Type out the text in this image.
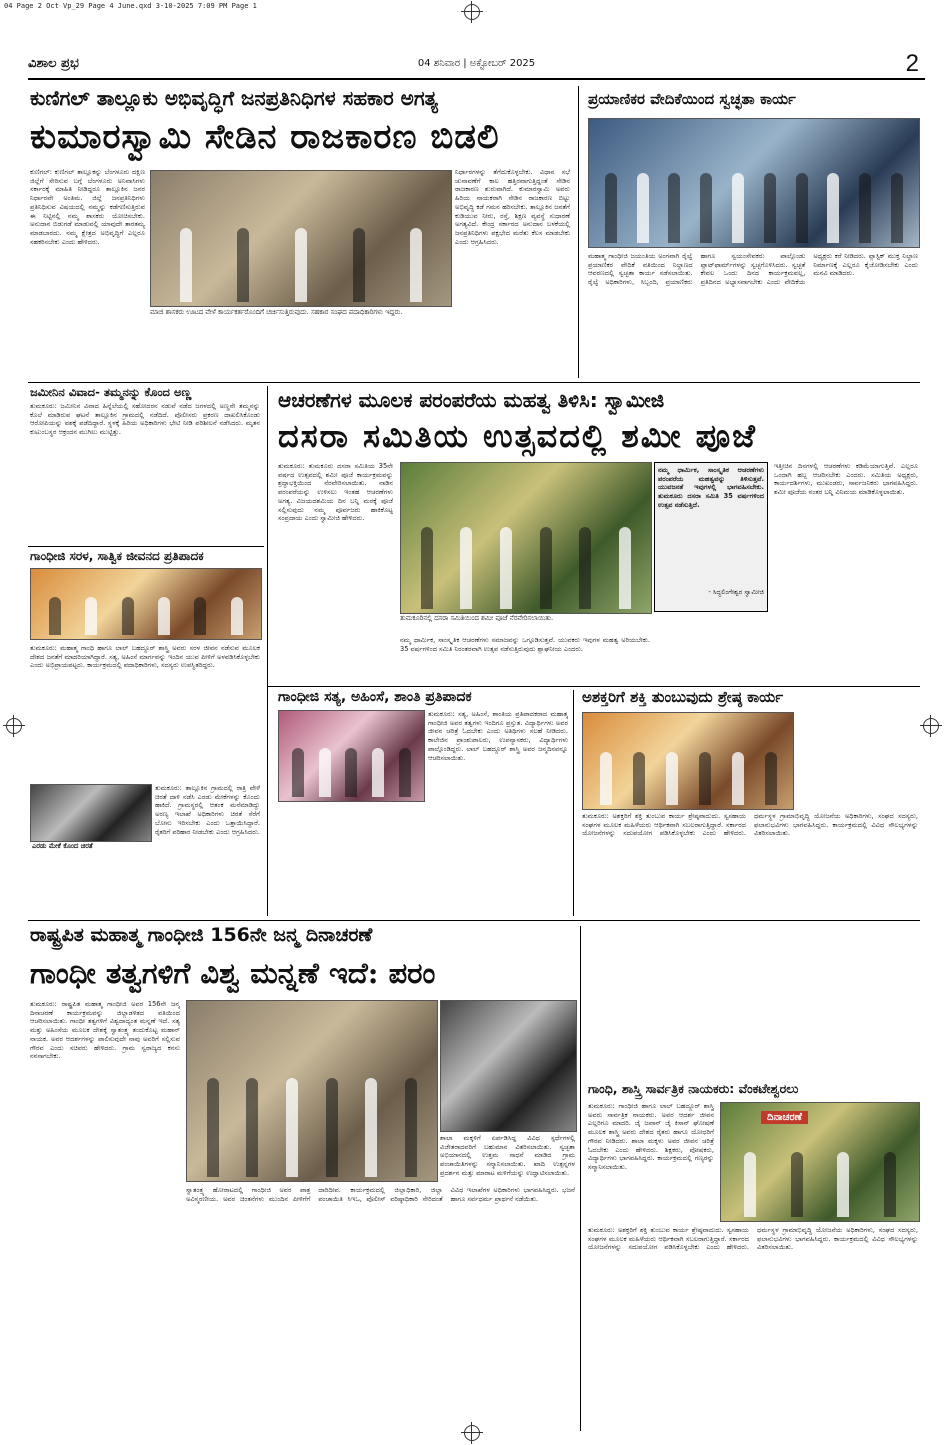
04 Page 2 Oct Vp_29 Page 4 June.qxd 3-10-2025 7:09 PM Page 1
ವಿಶಾಲ ಪ್ರಭ	04 ಶನಿವಾರ | ಅಕ್ಟೋಬರ್ 2025	2
ಕುಣಿಗಲ್ ತಾಲ್ಲೂಕು ಅಭಿವೃದ್ಧಿಗೆ ಜನಪ್ರತಿನಿಧಿಗಳ ಸಹಕಾರ ಅಗತ್ಯ
ಕುಮಾರಸ್ವಾಮಿ ಸೇಡಿನ ರಾಜಕಾರಣ ಬಿಡಲಿ
ಕುಣಿಗಲ್: ಕುಣಿಗಲ್ ತಾಲ್ಲೂಕನ್ನು ಬೆಂಗಳೂರು ದಕ್ಷಿಣ ಜಿಲ್ಲೆಗೆ ಸೇರಿಸುವ ಬಗ್ಗೆ ಬೆಂಗಳೂರು ಅನಿವಾಸಿಗಳು ಸರ್ಕಾರಕ್ಕೆ ಮಾಹಿತಿ ನೀಡಿದ್ದರೂ ತಾಲ್ಲೂಕಿನ ಜನರ ನಿರ್ಧಾರವೇ ಅಂತಿಮ. ಜಿಲ್ಲೆ ಜನಪ್ರತಿನಿಧಿಗಳು ಪ್ರತಿನಿಧಿಸುವ ವಿಷಯದಲ್ಲಿ ನಮ್ಮನ್ನು ಕಡೆಗಣಿಸುತ್ತಿರುವ ಈ ನಿಟ್ಟಿನಲ್ಲಿ ನಮ್ಮ ಶಾಸಕರು ಯೋಚಿಸಬೇಕು. ಅನುದಾನ ಬಿಡುಗಡೆ ಮಾಡುವಲ್ಲಿ ಯಾವುದೇ ತಾರತಮ್ಯ ಮಾಡಬಾರದು. ನಮ್ಮ ಕ್ಷೇತ್ರದ ಅಭಿವೃದ್ಧಿಗೆ ಎಲ್ಲರೂ ಸಹಕರಿಸಬೇಕು ಎಂದು ಹೇಳಿದರು.
ನಿರ್ಧಾರಗಳನ್ನು ತೆಗೆದುಕೊಳ್ಳಬೇಕು. ವಿಧಾನ ಸಭೆ ಚುನಾವಣೆಗೆ ಕಾಲ ಹತ್ತಿರವಾಗುತ್ತಿದ್ದಂತೆ ಸೇಡಿನ ರಾಜಕಾರಣ ಶುರುವಾಗಿದೆ. ಕುಮಾರಸ್ವಾಮಿ ಅವರು ಹಿರಿಯ ನಾಯಕರಾಗಿ ಸೇಡಿನ ರಾಜಕಾರಣ ಬಿಟ್ಟು ಅಭಿವೃದ್ಧಿ ಕಡೆ ಗಮನ ಹರಿಸಬೇಕು. ತಾಲ್ಲೂಕಿನ ಜನತೆಗೆ ಕುಡಿಯುವ ನೀರು, ರಸ್ತೆ, ಶಿಕ್ಷಣ ವ್ಯವಸ್ಥೆ ಸುಧಾರಣೆ ಅಗತ್ಯವಿದೆ. ಕೇಂದ್ರ ಸರ್ಕಾರದ ಅನುದಾನ ಬಳಕೆಯಲ್ಲಿ ಜನಪ್ರತಿನಿಧಿಗಳು ಪಕ್ಷಭೇದ ಮರೆತು ಕೆಲಸ ಮಾಡಬೇಕು ಎಂದು ಆಗ್ರಹಿಸಿದರು.
ಮಾಜಿ ಶಾಸಕರು ಊಟದ ವೇಳೆ ಕಾರ್ಯಕರ್ತರೊಂದಿಗೆ ಚರ್ಚಿಸುತ್ತಿರುವುದು. ಸಹಕಾರ ಸಂಘದ ಪದಾಧಿಕಾರಿಗಳು ಇದ್ದರು.
ಪ್ರಯಾಣಿಕರ ವೇದಿಕೆಯಿಂದ ಸ್ವಚ್ಛತಾ ಕಾರ್ಯ
ಮಹಾತ್ಮ ಗಾಂಧೀಜಿ ಜಯಂತಿಯ ಅಂಗವಾಗಿ ರೈಲ್ವೆ ಪ್ರಯಾಣಿಕರ ವೇದಿಕೆ ವತಿಯಿಂದ ನಿಲ್ದಾಣದ ಆವರಣದಲ್ಲಿ ಸ್ವಚ್ಛತಾ ಕಾರ್ಯ ನಡೆಸಲಾಯಿತು. ರೈಲ್ವೆ ಅಧಿಕಾರಿಗಳು, ಸಿಬ್ಬಂದಿ, ಪ್ರಯಾಣಿಕರು ಹಾಗೂ ಸ್ವಯಂಸೇವಕರು ಪಾಲ್ಗೊಂಡು ಪ್ಲಾಟ್‌ಫಾರ್ಮ್‌ಗಳನ್ನು ಸ್ವಚ್ಛಗೊಳಿಸಿದರು. ಸ್ವಚ್ಛತೆ ಕೇವಲ ಒಂದು ದಿನದ ಕಾರ್ಯಕ್ರಮವಲ್ಲ, ಪ್ರತಿದಿನದ ಅಭ್ಯಾಸವಾಗಬೇಕು ಎಂದು ವೇದಿಕೆಯ ಅಧ್ಯಕ್ಷರು ಕರೆ ನೀಡಿದರು. ಪ್ಲಾಸ್ಟಿಕ್ ಮುಕ್ತ ನಿಲ್ದಾಣ ನಿರ್ಮಾಣಕ್ಕೆ ಎಲ್ಲರೂ ಕೈಜೋಡಿಸಬೇಕು ಎಂದು ಮನವಿ ಮಾಡಿದರು.
ಜಮೀನಿನ ವಿವಾದ- ತಮ್ಮನನ್ನು ಕೊಂದ ಅಣ್ಣ
ತುಮಕೂರು: ಜಮೀನಿನ ವಿವಾದ ಹಿನ್ನೆಲೆಯಲ್ಲಿ ಸಹೋದರನ ನಡುವೆ ನಡೆದ ಜಗಳದಲ್ಲಿ ಅಣ್ಣನೇ ತಮ್ಮನನ್ನು ಕೊಲೆ ಮಾಡಿರುವ ಘಟನೆ ತಾಲ್ಲೂಕಿನ ಗ್ರಾಮದಲ್ಲಿ ನಡೆದಿದೆ. ಪೊಲೀಸರು ಪ್ರಕರಣ ದಾಖಲಿಸಿಕೊಂಡು ಆರೋಪಿಯನ್ನು ವಶಕ್ಕೆ ಪಡೆದಿದ್ದಾರೆ. ಸ್ಥಳಕ್ಕೆ ಹಿರಿಯ ಅಧಿಕಾರಿಗಳು ಭೇಟಿ ನೀಡಿ ಪರಿಶೀಲನೆ ನಡೆಸಿದರು. ಮೃತನ ಕುಟುಂಬಸ್ಥರ ಆಕ್ರಂದನ ಮುಗಿಲು ಮುಟ್ಟಿತ್ತು.
ಗಾಂಧೀಜಿ ಸರಳ, ಸಾತ್ವಿಕ ಜೀವನದ ಪ್ರತಿಪಾದಕ
ತುಮಕೂರು: ಮಹಾತ್ಮ ಗಾಂಧಿ ಹಾಗೂ ಲಾಲ್ ಬಹದ್ದೂರ್ ಶಾಸ್ತ್ರಿ ಅವರು ಸರಳ ಜೀವನ ನಡೆಸುವ ಮೂಲಕ ದೇಶದ ಜನತೆಗೆ ಮಾದರಿಯಾಗಿದ್ದಾರೆ. ಸತ್ಯ, ಅಹಿಂಸೆ ಮಾರ್ಗವನ್ನು ಇಂದಿನ ಯುವ ಪೀಳಿಗೆ ಅಳವಡಿಸಿಕೊಳ್ಳಬೇಕು ಎಂದು ಅಭಿಪ್ರಾಯಪಟ್ಟರು. ಕಾರ್ಯಕ್ರಮದಲ್ಲಿ ಪದಾಧಿಕಾರಿಗಳು, ಸದಸ್ಯರು ಉಪಸ್ಥಿತರಿದ್ದರು.
ಎರಡು ಮೇಕೆ ಕೊಂದ ಚಿರತೆ
ತುಮಕೂರು: ತಾಲ್ಲೂಕಿನ ಗ್ರಾಮದಲ್ಲಿ ರಾತ್ರಿ ವೇಳೆ ಚಿರತೆ ದಾಳಿ ನಡೆಸಿ ಎರಡು ಮೇಕೆಗಳನ್ನು ಕೊಂದು ಹಾಕಿದೆ. ಗ್ರಾಮಸ್ಥರಲ್ಲಿ ಆತಂಕ ಮನೆಮಾಡಿದ್ದು ಅರಣ್ಯ ಇಲಾಖೆ ಅಧಿಕಾರಿಗಳು ಚಿರತೆ ಸೆರೆಗೆ ಬೋನು ಇರಿಸಬೇಕು ಎಂದು ಒತ್ತಾಯಿಸಿದ್ದಾರೆ. ರೈತರಿಗೆ ಪರಿಹಾರ ನೀಡಬೇಕು ಎಂದು ಆಗ್ರಹಿಸಿದರು.
ಆಚರಣೆಗಳ ಮೂಲಕ ಪರಂಪರೆಯ ಮಹತ್ವ ತಿಳಿಸಿ: ಸ್ವಾಮೀಜಿ
ದಸರಾ ಸಮಿತಿಯ ಉತ್ಸವದಲ್ಲಿ ಶಮೀ ಪೂಜೆ
ತುಮಕೂರು: ತುಮಕೂರು ದಸರಾ ಸಮಿತಿಯ 35ನೇ ವರ್ಷದ ಉತ್ಸವದಲ್ಲಿ ಶಮೀ ಪೂಜೆ ಕಾರ್ಯಕ್ರಮವನ್ನು ಶ್ರದ್ಧಾಭಕ್ತಿಯಿಂದ ನೆರವೇರಿಸಲಾಯಿತು. ನಾಡಿನ ಪರಂಪರೆಯನ್ನು ಉಳಿಸಲು ಇಂತಹ ಆಚರಣೆಗಳು ಅಗತ್ಯ. ವಿಜಯದಶಮಿಯ ದಿನ ಬನ್ನಿ ಮರಕ್ಕೆ ಪೂಜೆ ಸಲ್ಲಿಸುವುದು ನಮ್ಮ ಪೂರ್ವಜರು ಹಾಕಿಕೊಟ್ಟ ಸಂಪ್ರದಾಯ ಎಂದು ಸ್ವಾಮೀಜಿ ಹೇಳಿದರು.
ತುಮಕೂರಿನಲ್ಲಿ ದಸರಾ ಸಮಿತಿಯಿಂದ ಶಮೀ ಪೂಜೆ ನೆರವೇರಿಸಲಾಯಿತು.
ನಮ್ಮ ಧಾರ್ಮಿಕ, ಸಾಂಸ್ಕೃತಿಕ ಆಚರಣೆಗಳು ಸಮಾಜವನ್ನು ಒಗ್ಗೂಡಿಸುತ್ತವೆ. ಯುವಕರು ಇವುಗಳ ಮಹತ್ವ ಅರಿಯಬೇಕು. 35 ವರ್ಷಗಳಿಂದ ಸಮಿತಿ ನಿರಂತರವಾಗಿ ಉತ್ಸವ ನಡೆಸುತ್ತಿರುವುದು ಶ್ಲಾಘನೀಯ ಎಂದರು.
ನಮ್ಮ ಧಾರ್ಮಿಕ, ಸಾಂಸ್ಕೃತಿಕ ಆಚರಣೆಗಳು ಪರಂಪರೆಯ ಮಹತ್ವವನ್ನು ತಿಳಿಸುತ್ತವೆ. ಯುವಜನತೆ ಇವುಗಳಲ್ಲಿ ಭಾಗವಹಿಸಬೇಕು. ತುಮಕೂರು ದಸರಾ ಸಮಿತಿ 35 ವರ್ಷಗಳಿಂದ ಉತ್ಸವ ನಡೆಸುತ್ತಿದೆ.
- ಸಿದ್ಧಲಿಂಗೇಶ್ವರ ಸ್ವಾಮೀಜಿ
ಇತ್ತೀಚಿನ ದಿನಗಳಲ್ಲಿ ಆಚರಣೆಗಳು ಕಡಿಮೆಯಾಗುತ್ತಿವೆ. ಎಲ್ಲರೂ ಒಂದಾಗಿ ಹಬ್ಬ ಆಚರಿಸಬೇಕು ಎಂದರು. ಸಮಿತಿಯ ಅಧ್ಯಕ್ಷರು, ಕಾರ್ಯದರ್ಶಿಗಳು, ಮುಖಂಡರು, ಸಾರ್ವಜನಿಕರು ಭಾಗವಹಿಸಿದ್ದರು. ಶಮೀ ಪೂಜೆಯ ನಂತರ ಬನ್ನಿ ವಿನಿಮಯ ಮಾಡಿಕೊಳ್ಳಲಾಯಿತು.
ಗಾಂಧೀಜಿ ಸತ್ಯ, ಅಹಿಂಸೆ, ಶಾಂತಿ ಪ್ರತಿಪಾದಕ
ತುಮಕೂರು: ಸತ್ಯ, ಅಹಿಂಸೆ, ಶಾಂತಿಯ ಪ್ರತಿಪಾದಕರಾದ ಮಹಾತ್ಮ ಗಾಂಧೀಜಿ ಅವರ ತತ್ವಗಳು ಇಂದಿಗೂ ಪ್ರಸ್ತುತ. ವಿದ್ಯಾರ್ಥಿಗಳು ಅವರ ಜೀವನ ಚರಿತ್ರೆ ಓದಬೇಕು ಎಂದು ಅತಿಥಿಗಳು ಸಲಹೆ ನೀಡಿದರು. ಕಾಲೇಜಿನ ಪ್ರಾಂಶುಪಾಲರು, ಉಪನ್ಯಾಸಕರು, ವಿದ್ಯಾರ್ಥಿಗಳು ಪಾಲ್ಗೊಂಡಿದ್ದರು. ಲಾಲ್ ಬಹದ್ದೂರ್ ಶಾಸ್ತ್ರಿ ಅವರ ಜನ್ಮದಿನವನ್ನೂ ಆಚರಿಸಲಾಯಿತು.
ಅಶಕ್ತರಿಗೆ ಶಕ್ತಿ ತುಂಬುವುದು ಶ್ರೇಷ್ಠ ಕಾರ್ಯ
ತುಮಕೂರು: ಅಶಕ್ತರಿಗೆ ಶಕ್ತಿ ತುಂಬುವ ಕಾರ್ಯ ಶ್ರೇಷ್ಠವಾದುದು. ಸ್ವಸಹಾಯ ಸಂಘಗಳ ಮೂಲಕ ಮಹಿಳೆಯರು ಆರ್ಥಿಕವಾಗಿ ಸಬಲರಾಗುತ್ತಿದ್ದಾರೆ. ಸರ್ಕಾರದ ಯೋಜನೆಗಳನ್ನು ಸದುಪಯೋಗ ಪಡಿಸಿಕೊಳ್ಳಬೇಕು ಎಂದು ಹೇಳಿದರು. ಧರ್ಮಸ್ಥಳ ಗ್ರಾಮಾಭಿವೃದ್ಧಿ ಯೋಜನೆಯ ಅಧಿಕಾರಿಗಳು, ಸಂಘದ ಸದಸ್ಯರು, ಫಲಾನುಭವಿಗಳು ಭಾಗವಹಿಸಿದ್ದರು. ಕಾರ್ಯಕ್ರಮದಲ್ಲಿ ವಿವಿಧ ಸೌಲಭ್ಯಗಳನ್ನು ವಿತರಿಸಲಾಯಿತು.
ರಾಷ್ಟ್ರಪಿತ ಮಹಾತ್ಮ ಗಾಂಧೀಜಿ 156ನೇ ಜನ್ಮ ದಿನಾಚರಣೆ
ಗಾಂಧೀ ತತ್ವಗಳಿಗೆ ವಿಶ್ವ ಮನ್ನಣೆ ಇದೆ: ಪರಂ
ತುಮಕೂರು: ರಾಷ್ಟ್ರಪಿತ ಮಹಾತ್ಮ ಗಾಂಧೀಜಿ ಅವರ 156ನೇ ಜನ್ಮ ದಿನಾಚರಣೆ ಕಾರ್ಯಕ್ರಮವನ್ನು ಜಿಲ್ಲಾಡಳಿತದ ವತಿಯಿಂದ ಆಚರಿಸಲಾಯಿತು. ಗಾಂಧೀ ತತ್ವಗಳಿಗೆ ವಿಶ್ವದಾದ್ಯಂತ ಮನ್ನಣೆ ಇದೆ. ಸತ್ಯ ಮತ್ತು ಅಹಿಂಸೆಯ ಮೂಲಕ ದೇಶಕ್ಕೆ ಸ್ವಾತಂತ್ರ್ಯ ತಂದುಕೊಟ್ಟ ಮಹಾನ್ ನಾಯಕ. ಅವರ ಆದರ್ಶಗಳನ್ನು ಪಾಲಿಸುವುದೇ ನಾವು ಅವರಿಗೆ ಸಲ್ಲಿಸುವ ಗೌರವ ಎಂದು ಸಚಿವರು ಹೇಳಿದರು. ಗ್ರಾಮ ಸ್ವರಾಜ್ಯದ ಕನಸು ನನಸಾಗಬೇಕು.
ಶಾಲಾ ಮಕ್ಕಳಿಗೆ ಏರ್ಪಡಿಸಿದ್ದ ವಿವಿಧ ಸ್ಪರ್ಧೆಗಳಲ್ಲಿ ವಿಜೇತರಾದವರಿಗೆ ಬಹುಮಾನ ವಿತರಿಸಲಾಯಿತು. ಸ್ವಚ್ಛತಾ ಅಭಿಯಾನದಲ್ಲಿ ಉತ್ತಮ ಸಾಧನೆ ಮಾಡಿದ ಗ್ರಾಮ ಪಂಚಾಯಿತಿಗಳನ್ನು ಸನ್ಮಾನಿಸಲಾಯಿತು. ಖಾದಿ ಉತ್ಪನ್ನಗಳ ಪ್ರದರ್ಶನ ಮತ್ತು ಮಾರಾಟ ಮಳಿಗೆಯನ್ನು ಉದ್ಘಾಟಿಸಲಾಯಿತು.
ಸ್ವಾತಂತ್ರ್ಯ ಹೋರಾಟದಲ್ಲಿ ಗಾಂಧೀಜಿ ಅವರ ಪಾತ್ರ ಅವಿಸ್ಮರಣೀಯ. ಅವರ ಚಿಂತನೆಗಳು ಮುಂದಿನ ಪೀಳಿಗೆಗೆ ದಾರಿದೀಪ. ಕಾರ್ಯಕ್ರಮದಲ್ಲಿ ಜಿಲ್ಲಾಧಿಕಾರಿ, ಜಿಲ್ಲಾ ಪಂಚಾಯಿತಿ ಸಿಇಒ, ಪೊಲೀಸ್ ವರಿಷ್ಠಾಧಿಕಾರಿ ಸೇರಿದಂತೆ ವಿವಿಧ ಇಲಾಖೆಗಳ ಅಧಿಕಾರಿಗಳು ಭಾಗವಹಿಸಿದ್ದರು. ಭಜನೆ ಹಾಗೂ ಸರ್ವಧರ್ಮ ಪ್ರಾರ್ಥನೆ ನಡೆಯಿತು.
ಗಾಂಧಿ, ಶಾಸ್ತ್ರಿ ಸಾರ್ವತ್ರಿಕ ನಾಯಕರು: ವೆಂಕಟೇಶ್ವರಲು
ದಿನಾಚರಣೆ
ತುಮಕೂರು: ಗಾಂಧೀಜಿ ಹಾಗೂ ಲಾಲ್ ಬಹದ್ದೂರ್ ಶಾಸ್ತ್ರಿ ಅವರು ಸಾರ್ವತ್ರಿಕ ನಾಯಕರು. ಅವರ ಆದರ್ಶ ಜೀವನ ಎಲ್ಲರಿಗೂ ಮಾದರಿ. ಜೈ ಜವಾನ್ ಜೈ ಕಿಸಾನ್ ಘೋಷಣೆ ಮೂಲಕ ಶಾಸ್ತ್ರಿ ಅವರು ದೇಶದ ರೈತರು ಹಾಗೂ ಯೋಧರಿಗೆ ಗೌರವ ನೀಡಿದರು. ಶಾಲಾ ಮಕ್ಕಳು ಅವರ ಜೀವನ ಚರಿತ್ರೆ ಓದಬೇಕು ಎಂದು ಹೇಳಿದರು. ಶಿಕ್ಷಕರು, ಪೋಷಕರು, ವಿದ್ಯಾರ್ಥಿಗಳು ಭಾಗವಹಿಸಿದ್ದರು. ಕಾರ್ಯಕ್ರಮದಲ್ಲಿ ಗಣ್ಯರನ್ನು ಸನ್ಮಾನಿಸಲಾಯಿತು.
ತುಮಕೂರು: ಅಶಕ್ತರಿಗೆ ಶಕ್ತಿ ತುಂಬುವ ಕಾರ್ಯ ಶ್ರೇಷ್ಠವಾದುದು. ಸ್ವಸಹಾಯ ಸಂಘಗಳ ಮೂಲಕ ಮಹಿಳೆಯರು ಆರ್ಥಿಕವಾಗಿ ಸಬಲರಾಗುತ್ತಿದ್ದಾರೆ. ಸರ್ಕಾರದ ಯೋಜನೆಗಳನ್ನು ಸದುಪಯೋಗ ಪಡಿಸಿಕೊಳ್ಳಬೇಕು ಎಂದು ಹೇಳಿದರು. ಧರ್ಮಸ್ಥಳ ಗ್ರಾಮಾಭಿವೃದ್ಧಿ ಯೋಜನೆಯ ಅಧಿಕಾರಿಗಳು, ಸಂಘದ ಸದಸ್ಯರು, ಫಲಾನುಭವಿಗಳು ಭಾಗವಹಿಸಿದ್ದರು. ಕಾರ್ಯಕ್ರಮದಲ್ಲಿ ವಿವಿಧ ಸೌಲಭ್ಯಗಳನ್ನು ವಿತರಿಸಲಾಯಿತು.
